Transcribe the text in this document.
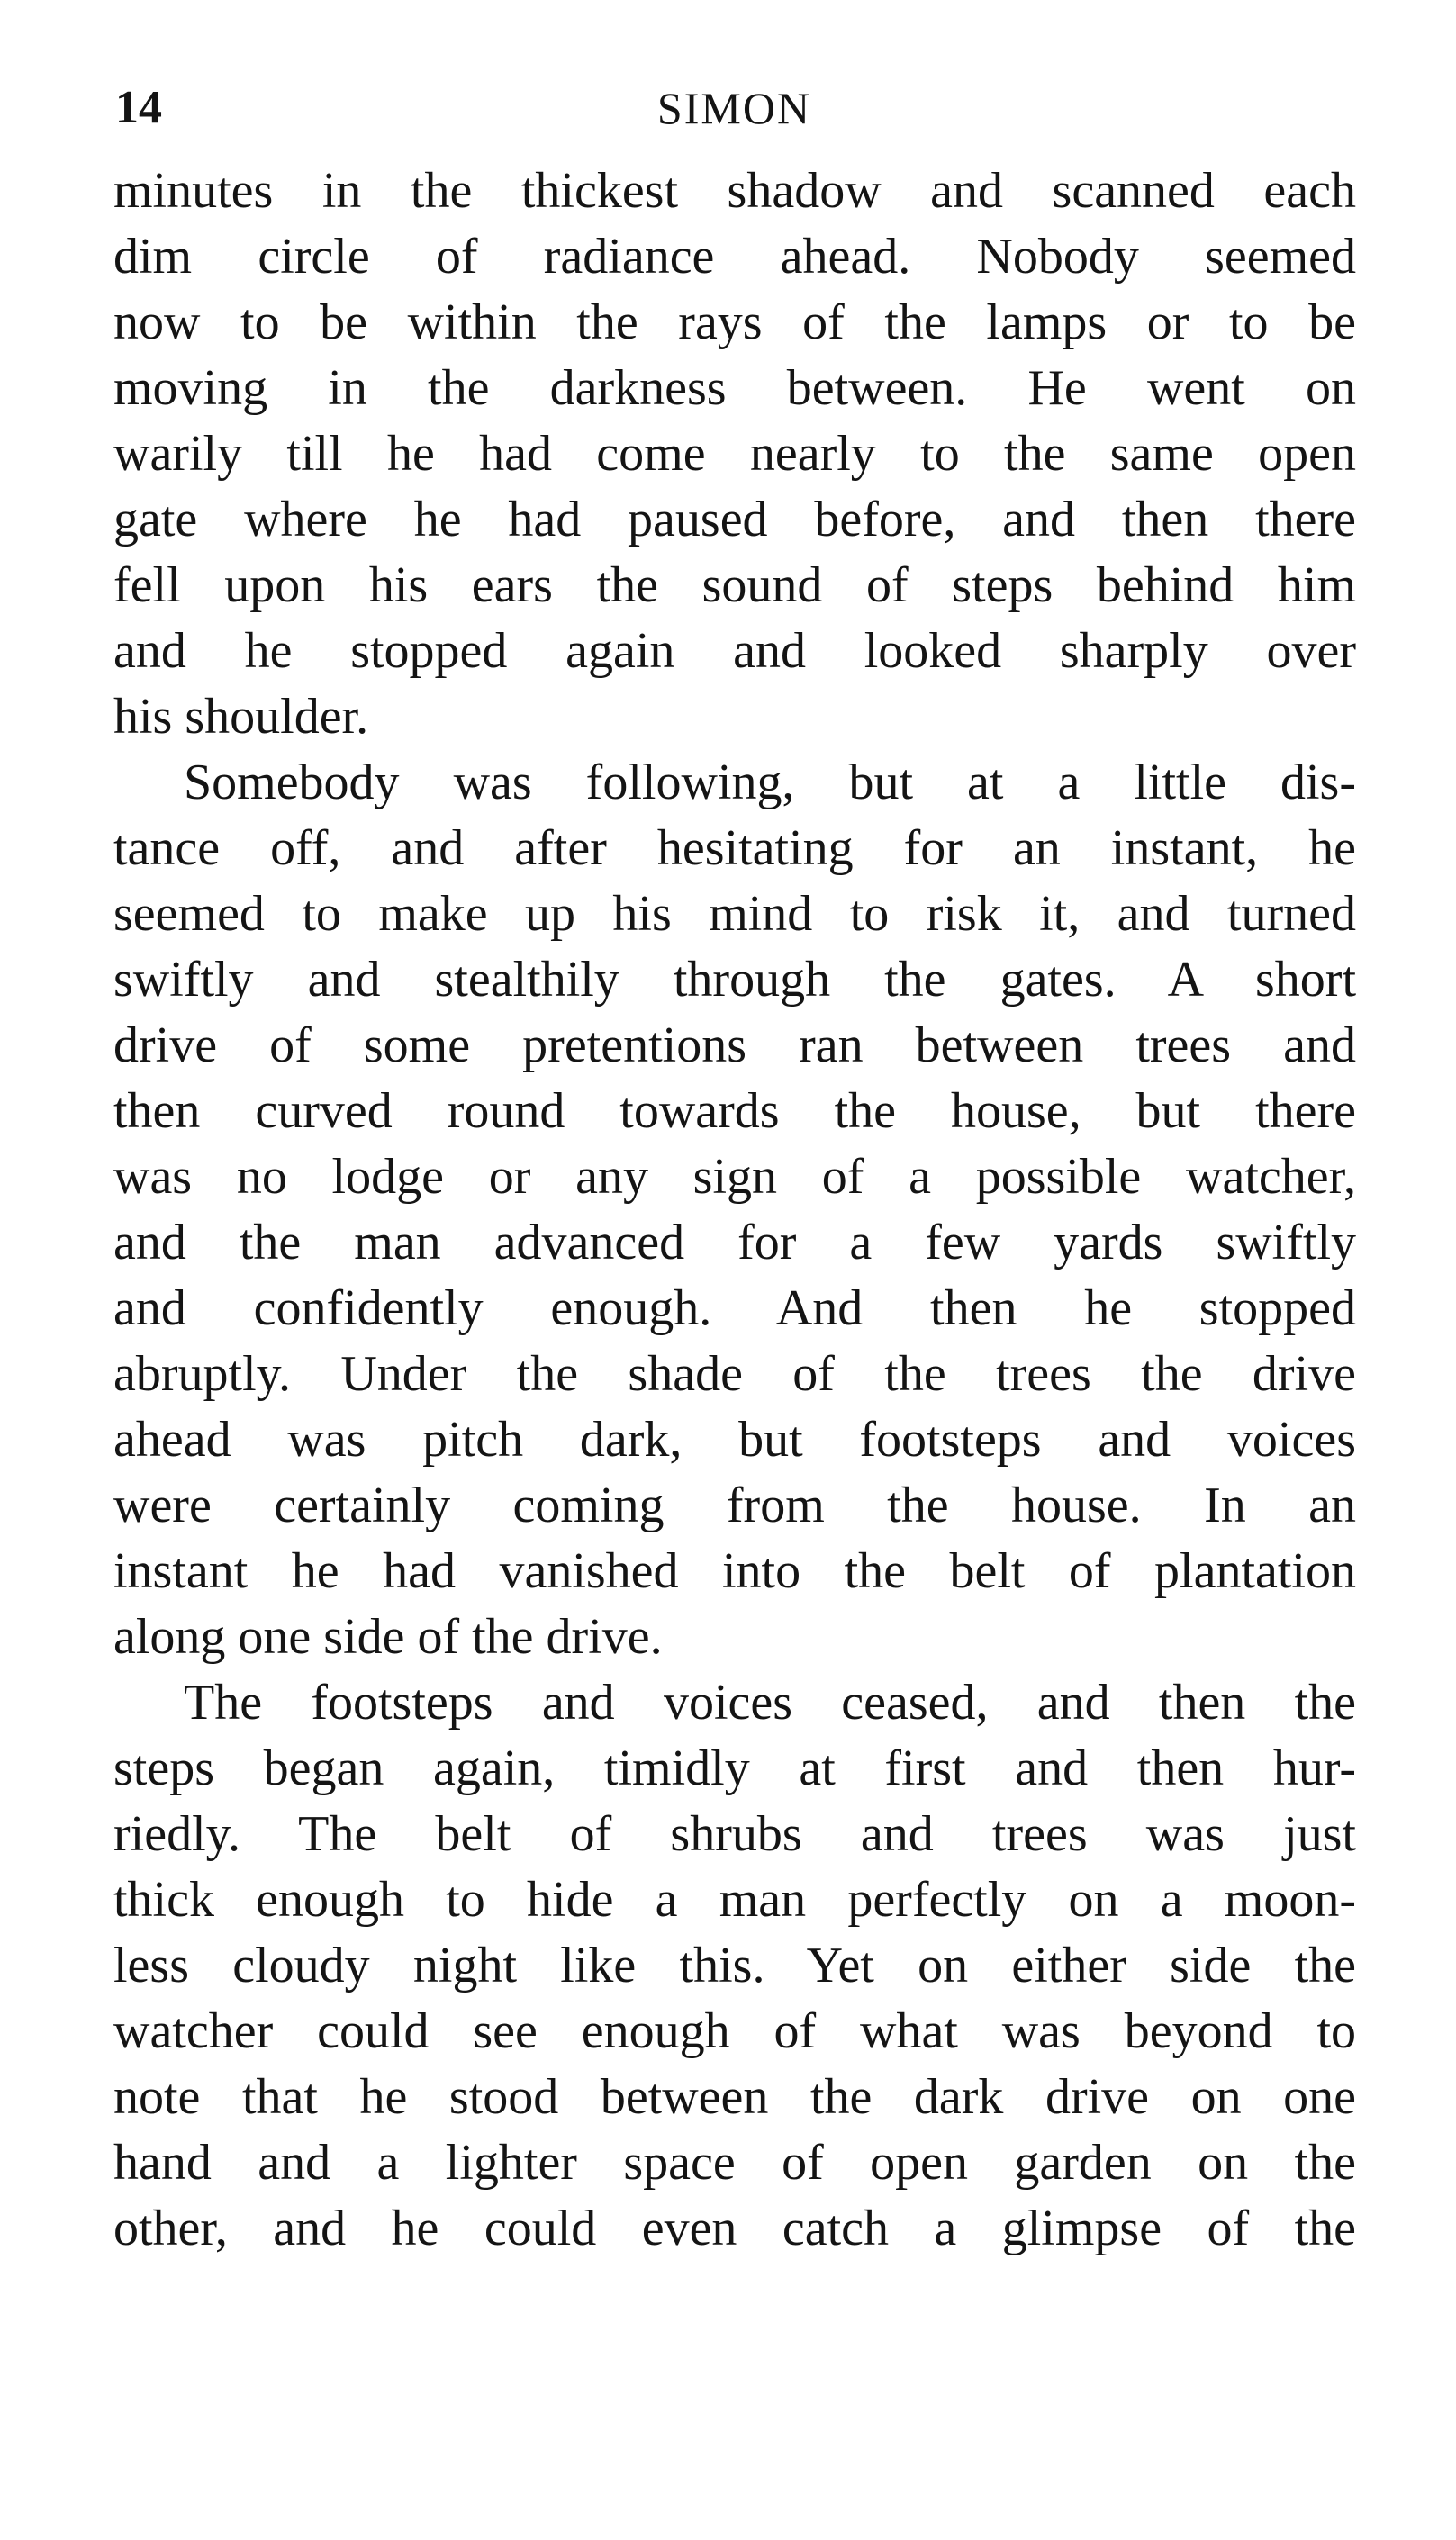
14	SIMON
minutes in the thickest shadow and scanned each
dim circle of radiance ahead. Nobody seemed
now to be within the rays of the lamps or to be
moving in the darkness between. He went on
warily till he had come nearly to the same open
gate where he had paused before, and then there
fell upon his ears the sound of steps behind him
and he stopped again and looked sharply over
his shoulder.
Somebody was following, but at a little dis-
tance off, and after hesitating for an instant, he
seemed to make up his mind to risk it, and turned
swiftly and stealthily through the gates. A short
drive of some pretentions ran between trees and
then curved round towards the house, but there
was no lodge or any sign of a possible watcher,
and the man advanced for a few yards swiftly
and confidently enough. And then he stopped
abruptly. Under the shade of the trees the drive
ahead was pitch dark, but footsteps and voices
were certainly coming from the house. In an
instant he had vanished into the belt of plantation
along one side of the drive.
The footsteps and voices ceased, and then the
steps began again, timidly at first and then hur-
riedly. The belt of shrubs and trees was just
thick enough to hide a man perfectly on a moon-
less cloudy night like this. Yet on either side the
watcher could see enough of what was beyond to
note that he stood between the dark drive on one
hand and a lighter space of open garden on the
other, and he could even catch a glimpse of the
